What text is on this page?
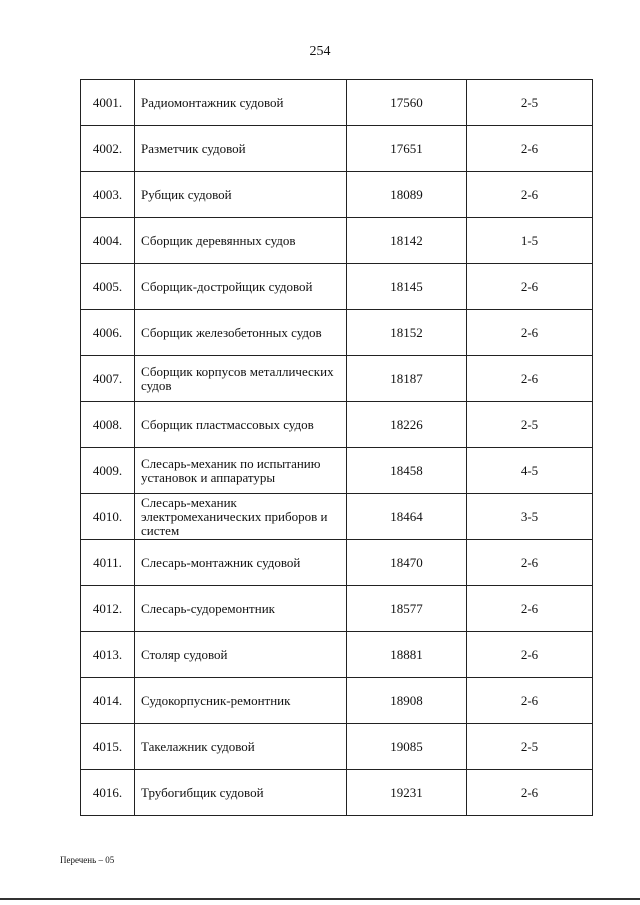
254
4001.	Радиомонтажник судовой	17560	2-5
4002.	Разметчик судовой	17651	2-6
4003.	Рубщик судовой	18089	2-6
4004.	Сборщик деревянных судов	18142	1-5
4005.	Сборщик-достройщик судовой	18145	2-6
4006.	Сборщик железобетонных судов	18152	2-6
4007.	Сборщик корпусов металлических судов	18187	2-6
4008.	Сборщик пластмассовых судов	18226	2-5
4009.	Слесарь-механик по испытанию установок и аппаратуры	18458	4-5
4010.	Слесарь-механик электромеханических приборов и систем	18464	3-5
4011.	Слесарь-монтажник судовой	18470	2-6
4012.	Слесарь-судоремонтник	18577	2-6
4013.	Столяр судовой	18881	2-6
4014.	Судокорпусник-ремонтник	18908	2-6
4015.	Такелажник судовой	19085	2-5
4016.	Трубогибщик судовой	19231	2-6
Перечень – 05
